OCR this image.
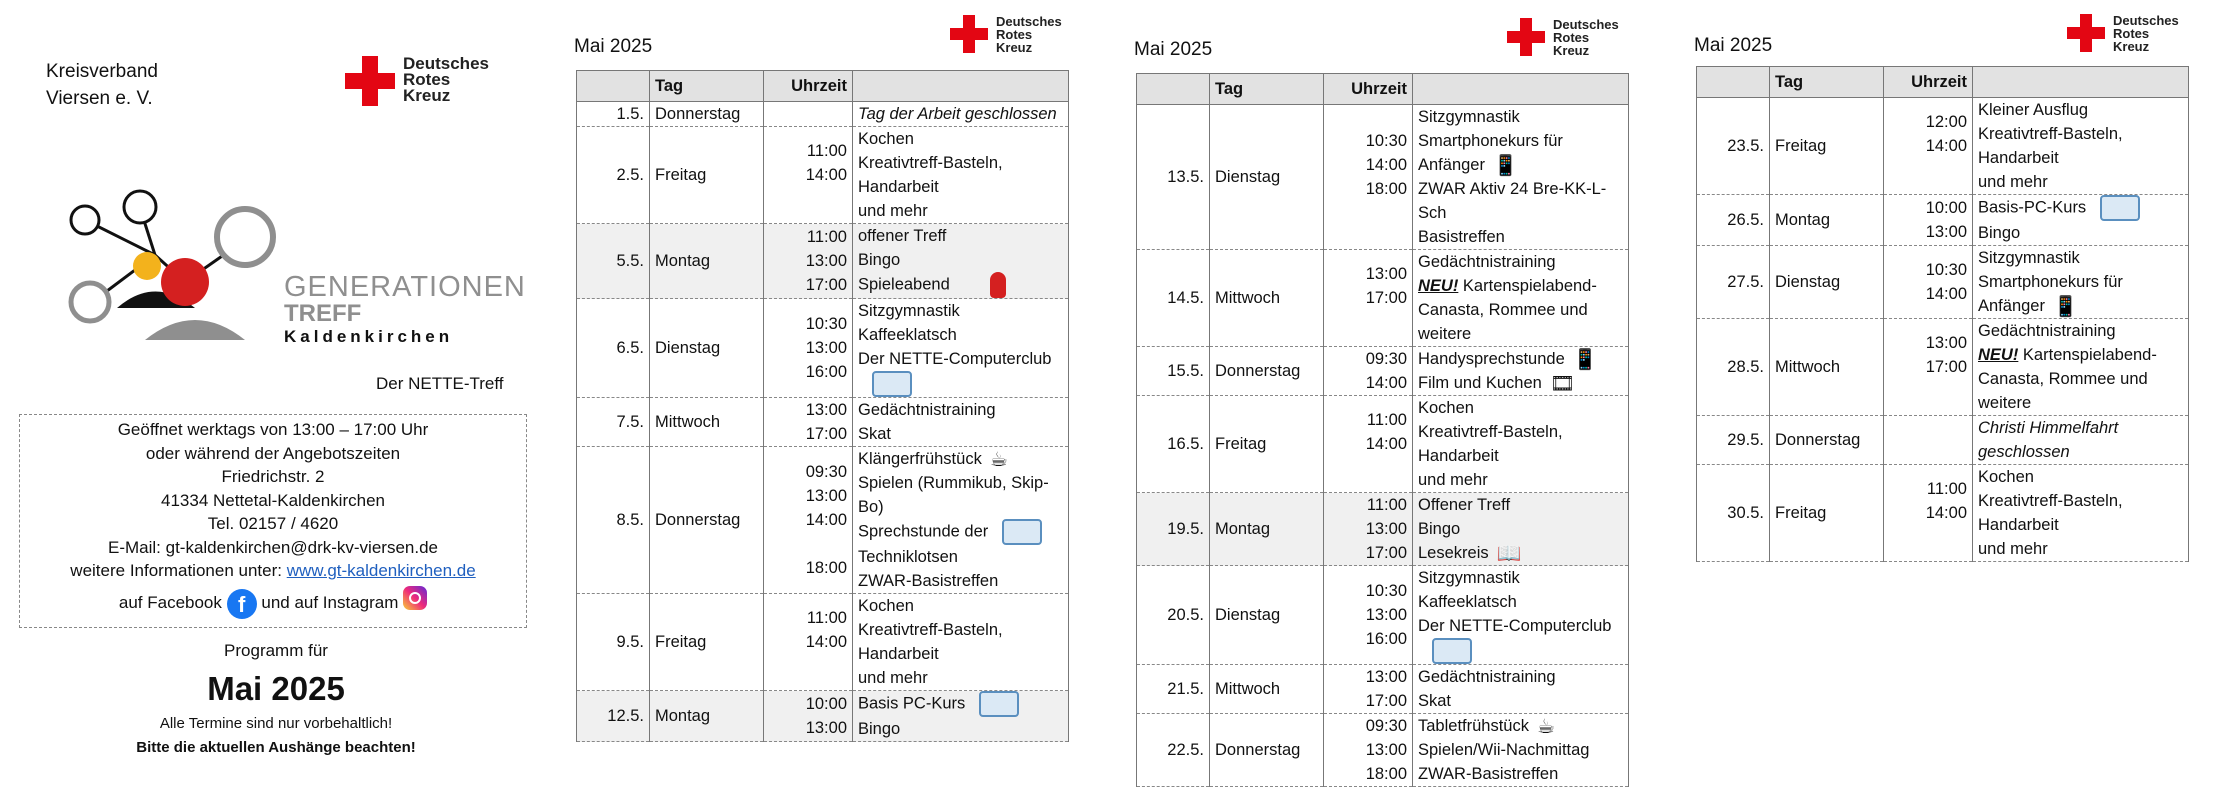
Kreisverband
Viersen e. V.
Deutsches
Rotes
Kreuz
GENERATIONEN
TREFF
Kaldenkirchen
Der NETTE-Treff
Geöffnet werktags von 13:00 – 17:00 Uhr
oder während der Angebotszeiten
Friedrichstr. 2
41334 Nettetal-Kaldenkirchen
Tel. 02157 / 4620
E-Mail: gt-kaldenkirchen@drk-kv-viersen.de
weitere Informationen unter: www.gt-kaldenkirchen.de
auf Facebook f und auf Instagram
Programm für
Mai 2025
Alle Termine sind nur vorbehaltlich!
Bitte die aktuellen Aushänge beachten!
Mai 2025
Deutsches
Rotes
Kreuz
	Tag	Uhrzeit	
1.5.	Donnerstag		Tag der Arbeit geschlossen

2.5.	Freitag	11:00
14:00	Kochen
Kreativtreff-Basteln, Handarbeit
und mehr

5.5.	Montag	11:00
13:00
17:00	offener Treff
Bingo
Spieleabend

6.5.	Dienstag	10:30
13:00
16:00	Sitzgymnastik
Kaffeeklatsch
Der NETTE-Computerclub

7.5.	Mittwoch	13:00
17:00	Gedächtnistraining
Skat

8.5.	Donnerstag	09:30
13:00
14:00

18:00	Klängerfrühstück ☕
Spielen (Rummikub, Skip-Bo)
Sprechstunde der
Techniklotsen
ZWAR-Basistreffen

9.5.	Freitag	11:00
14:00	Kochen
Kreativtreff-Basteln, Handarbeit
und mehr

12.5.	Montag	10:00
13:00	Basis PC-Kurs
Bingo
Mai 2025
Deutsches
Rotes
Kreuz
	Tag	Uhrzeit	
13.5.	Dienstag	10:30
14:00
18:00	Sitzgymnastik
Smartphonekurs für Anfänger 📱
ZWAR Aktiv 24 Bre-KK-L-Sch
Basistreffen

14.5.	Mittwoch	13:00
17:00	Gedächtnistraining
NEU! Kartenspielabend-
Canasta, Rommee und weitere

15.5.	Donnerstag	09:30
14:00	Handysprechstunde 📱
Film und Kuchen 🎞

16.5.	Freitag	11:00
14:00	Kochen
Kreativtreff-Basteln, Handarbeit
und mehr

19.5.	Montag	11:00
13:00
17:00	Offener Treff
Bingo
Lesekreis 📖

20.5.	Dienstag	10:30
13:00
16:00	Sitzgymnastik
Kaffeeklatsch
Der NETTE-Computerclub

21.5.	Mittwoch	13:00
17:00	Gedächtnistraining
Skat

22.5.	Donnerstag	09:30
13:00
18:00	Tabletfrühstück ☕
Spielen/Wii-Nachmittag
ZWAR-Basistreffen
Mai 2025
Deutsches
Rotes
Kreuz
	Tag	Uhrzeit	
23.5.	Freitag	12:00
14:00	Kleiner Ausflug
Kreativtreff-Basteln, Handarbeit
und mehr

26.5.	Montag	10:00
13:00	Basis-PC-Kurs
Bingo

27.5.	Dienstag	10:30
14:00	Sitzgymnastik
Smartphonekurs für Anfänger 📱

28.5.	Mittwoch	13:00
17:00	Gedächtnistraining
NEU! Kartenspielabend-
Canasta, Rommee und weitere

29.5.	Donnerstag		Christi Himmelfahrt geschlossen

30.5.	Freitag	11:00
14:00	Kochen
Kreativtreff-Basteln, Handarbeit
und mehr
